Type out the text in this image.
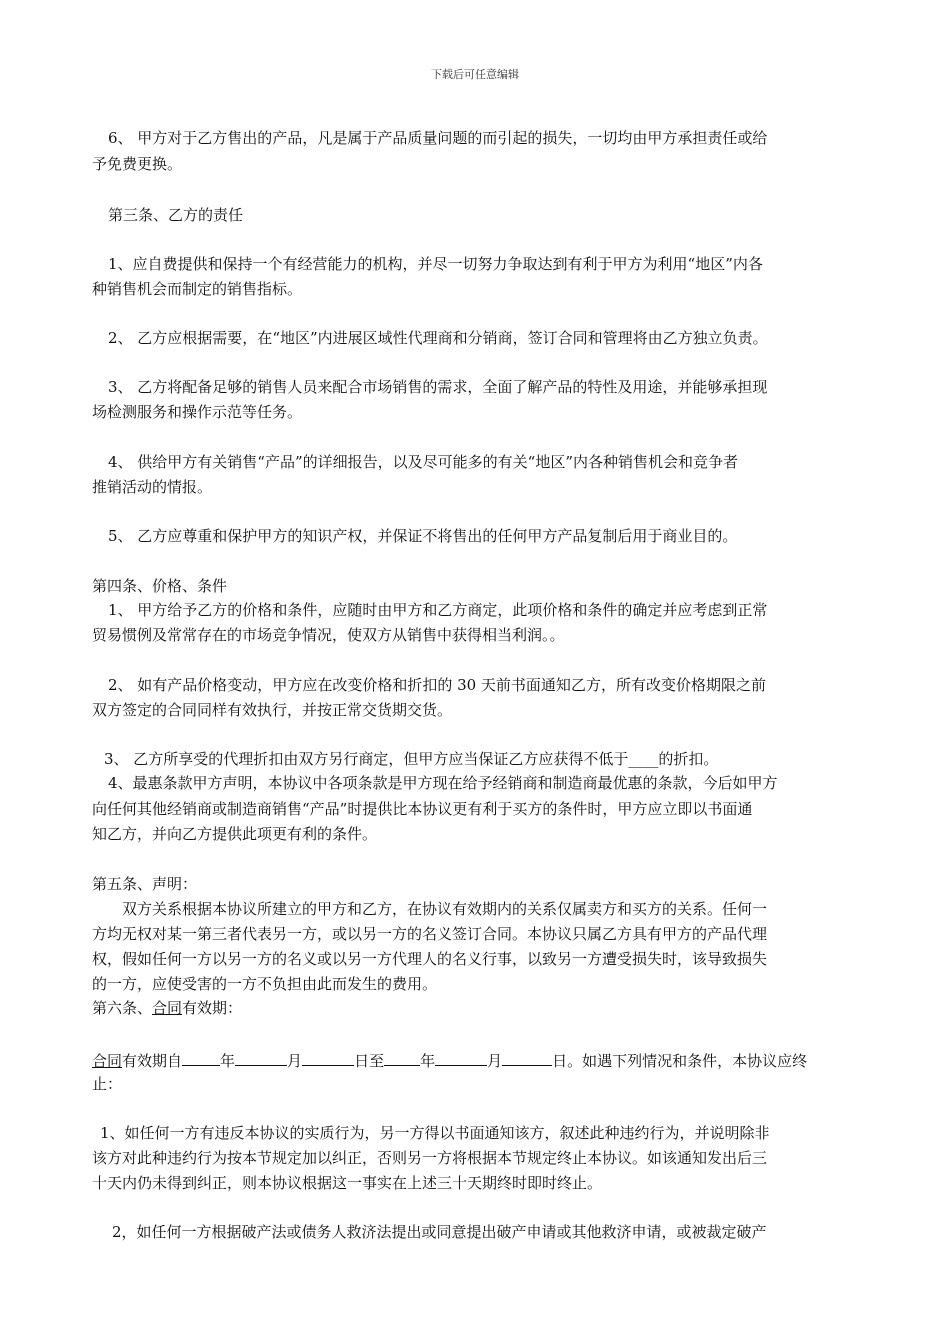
下载后可任意编辑
6、 甲方对于乙方售出的产品，凡是属于产品质量问题的而引起的损失，一切均由甲方承担责任或给
予免费更换。
第三条、乙方的责任
1、应自费提供和保持一个有经营能力的机构，并尽一切努力争取达到有利于甲方为利用“地区”内各
种销售机会而制定的销售指标。
2、 乙方应根据需要，在“地区”内进展区域性代理商和分销商，签订合同和管理将由乙方独立负责。
3、 乙方将配备足够的销售人员来配合市场销售的需求，全面了解产品的特性及用途，并能够承担现
场检测服务和操作示范等任务。
4、 供给甲方有关销售“产品”的详细报告，以及尽可能多的有关“地区”内各种销售机会和竞争者
推销活动的情报。
5、 乙方应尊重和保护甲方的知识产权，并保证不将售出的任何甲方产品复制后用于商业目的。
第四条、价格、条件
1、 甲方给予乙方的价格和条件，应随时由甲方和乙方商定，此项价格和条件的确定并应考虑到正常
贸易惯例及常常存在的市场竞争情况，使双方从销售中获得相当利润。。
2、 如有产品价格变动，甲方应在改变价格和折扣的 30 天前书面通知乙方，所有改变价格期限之前
双方签定的合同同样有效执行，并按正常交货期交货。
3、 乙方所享受的代理折扣由双方另行商定，但甲方应当保证乙方应获得不低于____的折扣。
4、最惠条款甲方声明，本协议中各项条款是甲方现在给予经销商和制造商最优惠的条款，今后如甲方
向任何其他经销商或制造商销售“产品”时提供比本协议更有利于买方的条件时，甲方应立即以书面通
知乙方，并向乙方提供此项更有利的条件。
第五条、声明：
双方关系根据本协议所建立的甲方和乙方，在协议有效期内的关系仅属卖方和买方的关系。任何一
方均无权对某一第三者代表另一方，或以另一方的名义签订合同。本协议只属乙方具有甲方的产品代理
权，假如任何一方以另一方的名义或以另一方代理人的名义行事，以致另一方遭受损失时，该导致损失
的一方，应使受害的一方不负担由此而发生的费用。
第六条、合同有效期：
合同有效期自	年	月	日至 年	月	日。如遇下列情况和条件，本协议应终
止：
1、如任何一方有违反本协议的实质行为，另一方得以书面通知该方，叙述此种违约行为，并说明除非
该方对此种违约行为按本节规定加以纠正，否则另一方将根据本节规定终止本协议。如该通知发出后三
十天内仍未得到纠正，则本协议根据这一事实在上述三十天期终时即时终止。
2，如任何一方根据破产法或债务人救济法提出或同意提出破产申请或其他救济申请，或被裁定破产
